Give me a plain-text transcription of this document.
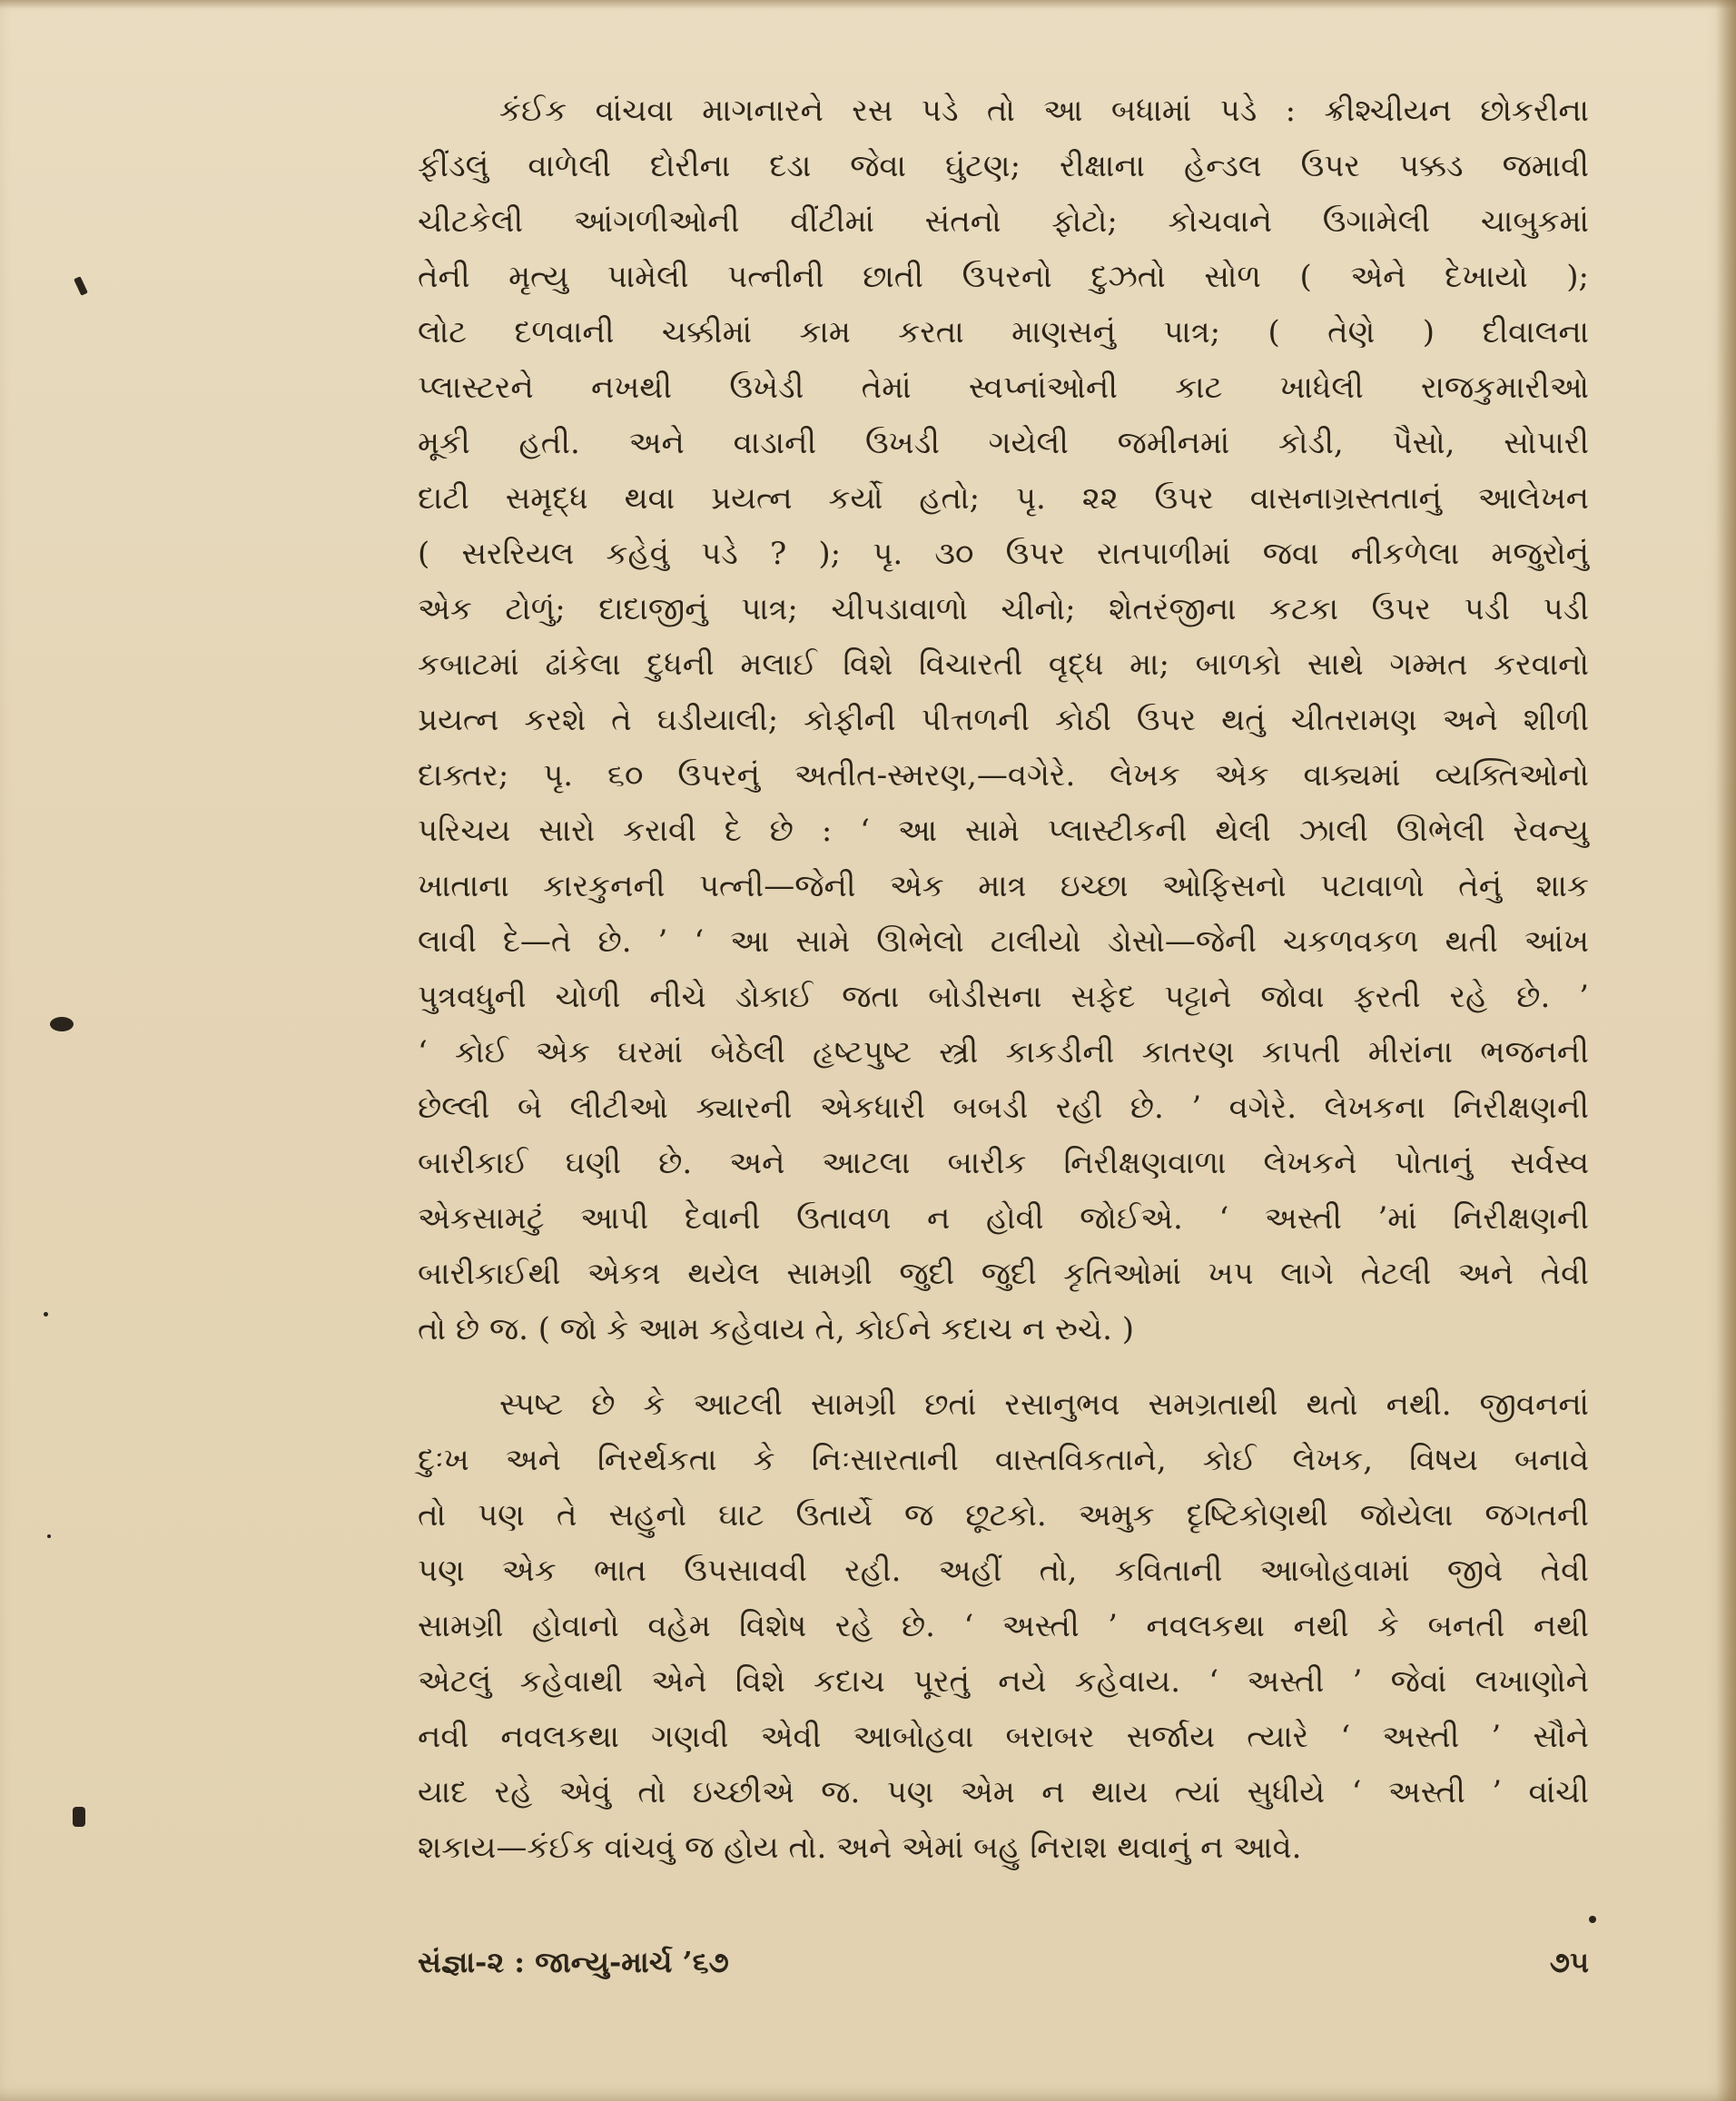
કંઈક વાંચવા માગનારને રસ પડે તો આ બધામાં પડે : ક્રીશ્ચીયન છોકરીના

ફીંડલું વાળેલી દોરીના દડા જેવા ઘુંટણ; રીક્ષાના હેન્ડલ ઉપર પક્કડ જમાવી

ચીટકેલી આંગળીઓની વીંટીમાં સંતનો ફોટો; કોચવાને ઉગામેલી ચાબુકમાં

તેની મૃત્યુ પામેલી પત્નીની છાતી ઉપરનો દુઝતો સોળ ( એને દેખાયો );

લોટ દળવાની ચક્કીમાં કામ કરતા માણસનું પાત્ર; ( તેણે ) દીવાલના

પ્લાસ્ટરને નખથી ઉખેડી તેમાં સ્વપ્નાંઓની કાટ ખાધેલી રાજકુમારીઓ

મૂકી હતી. અને વાડાની ઉખડી ગયેલી જમીનમાં કોડી, પૈસો, સોપારી

દાટી સમૃદ્ધ થવા પ્રયત્ન કર્યો હતો; પૃ. ૨૨ ઉપર વાસનાગ્રસ્તતાનું આલેખન

( સરરિયલ કહેવું પડે ? ); પૃ. ૩૦ ઉપર રાતપાળીમાં જવા નીકળેલા મજુરોનું

એક ટોળું; દાદાજીનું પાત્ર; ચીપડાવાળો ચીનો; શેતરંજીના કટકા ઉપર પડી પડી

કબાટમાં ઢાંકેલા દુધની મલાઈ વિશે વિચારતી વૃદ્ધ મા; બાળકો સાથે ગમ્મત કરવાનો

પ્રયત્ન કરશે તે ઘડીયાલી; કોફીની પીત્તળની કોઠી ઉપર થતું ચીતરામણ અને શીળી

દાક્તર; પૃ. ૬૦ ઉપરનું અતીત-સ્મરણ,—વગેરે. લેખક એક વાક્યમાં વ્યક્તિઓનો

પરિચય સારો કરાવી દે છે : ‘ આ સામે પ્લાસ્ટીકની થેલી ઝાલી ઊભેલી રેવન્યુ

ખાતાના કારકુનની પત્ની—જેની એક માત્ર ઇચ્છા ઓફિસનો પટાવાળો તેનું શાક

લાવી દે—તે છે. ’ ‘ આ સામે ઊભેલો ટાલીયો ડોસો—જેની ચકળવકળ થતી આંખ

પુત્રવધુની ચોળી નીચે ડોકાઈ જતા બોડીસના સફેદ પટ્ટાને જોવા ફરતી રહે છે. ’

‘ કોઈ એક ઘરમાં બેઠેલી હૃષ્ટપુષ્ટ સ્ત્રી કાકડીની કાતરણ કાપતી મીરાંના ભજનની

છેલ્લી બે લીટીઓ ક્યારની એકધારી બબડી રહી છે. ’ વગેરે. લેખકના નિરીક્ષણની

બારીકાઈ ઘણી છે. અને આટલા બારીક નિરીક્ષણવાળા લેખકને પોતાનું સર્વસ્વ

એકસામટું આપી દેવાની ઉતાવળ ન હોવી જોઈએ. ‘ અસ્તી ’માં નિરીક્ષણની

બારીકાઈથી એકત્ર થયેલ સામગ્રી જુદી જુદી કૃતિઓમાં ખપ લાગે તેટલી અને તેવી

તો છે જ. ( જો કે આમ કહેવાય તે, કોઈને કદાચ ન રુચે. )

સ્પષ્ટ છે કે આટલી સામગ્રી છતાં રસાનુભવ સમગ્રતાથી થતો નથી. જીવનનાં

દુઃખ અને નિરર્થકતા કે નિઃસારતાની વાસ્તવિકતાને, કોઈ લેખક, વિષય બનાવે

તો પણ તે સહુનો ઘાટ ઉતાર્યે જ છૂટકો. અમુક દૃષ્ટિકોણથી જોયેલા જગતની

પણ એક ભાત ઉપસાવવી રહી. અહીં તો, કવિતાની આબોહવામાં જીવે તેવી

સામગ્રી હોવાનો વહેમ વિશેષ રહે છે. ‘ અસ્તી ’ નવલકથા નથી કે બનતી નથી

એટલું કહેવાથી એને વિશે કદાચ પૂરતું નયે કહેવાય. ‘ અસ્તી ’ જેવાં લખાણોને

નવી નવલકથા ગણવી એવી આબોહવા બરાબર સર્જાય ત્યારે ‘ અસ્તી ’ સૌને

યાદ રહે એવું તો ઇચ્છીએ જ. પણ એમ ન થાય ત્યાં સુધીયે ‘ અસ્તી ’ વાંચી

શકાય—કંઈક વાંચવું જ હોય તો. અને એમાં બહુ નિરાશ થવાનું ન આવે.

સંજ્ઞા-૨ : જાન્યુ-માર્ચ ’૬૭	૭૫
